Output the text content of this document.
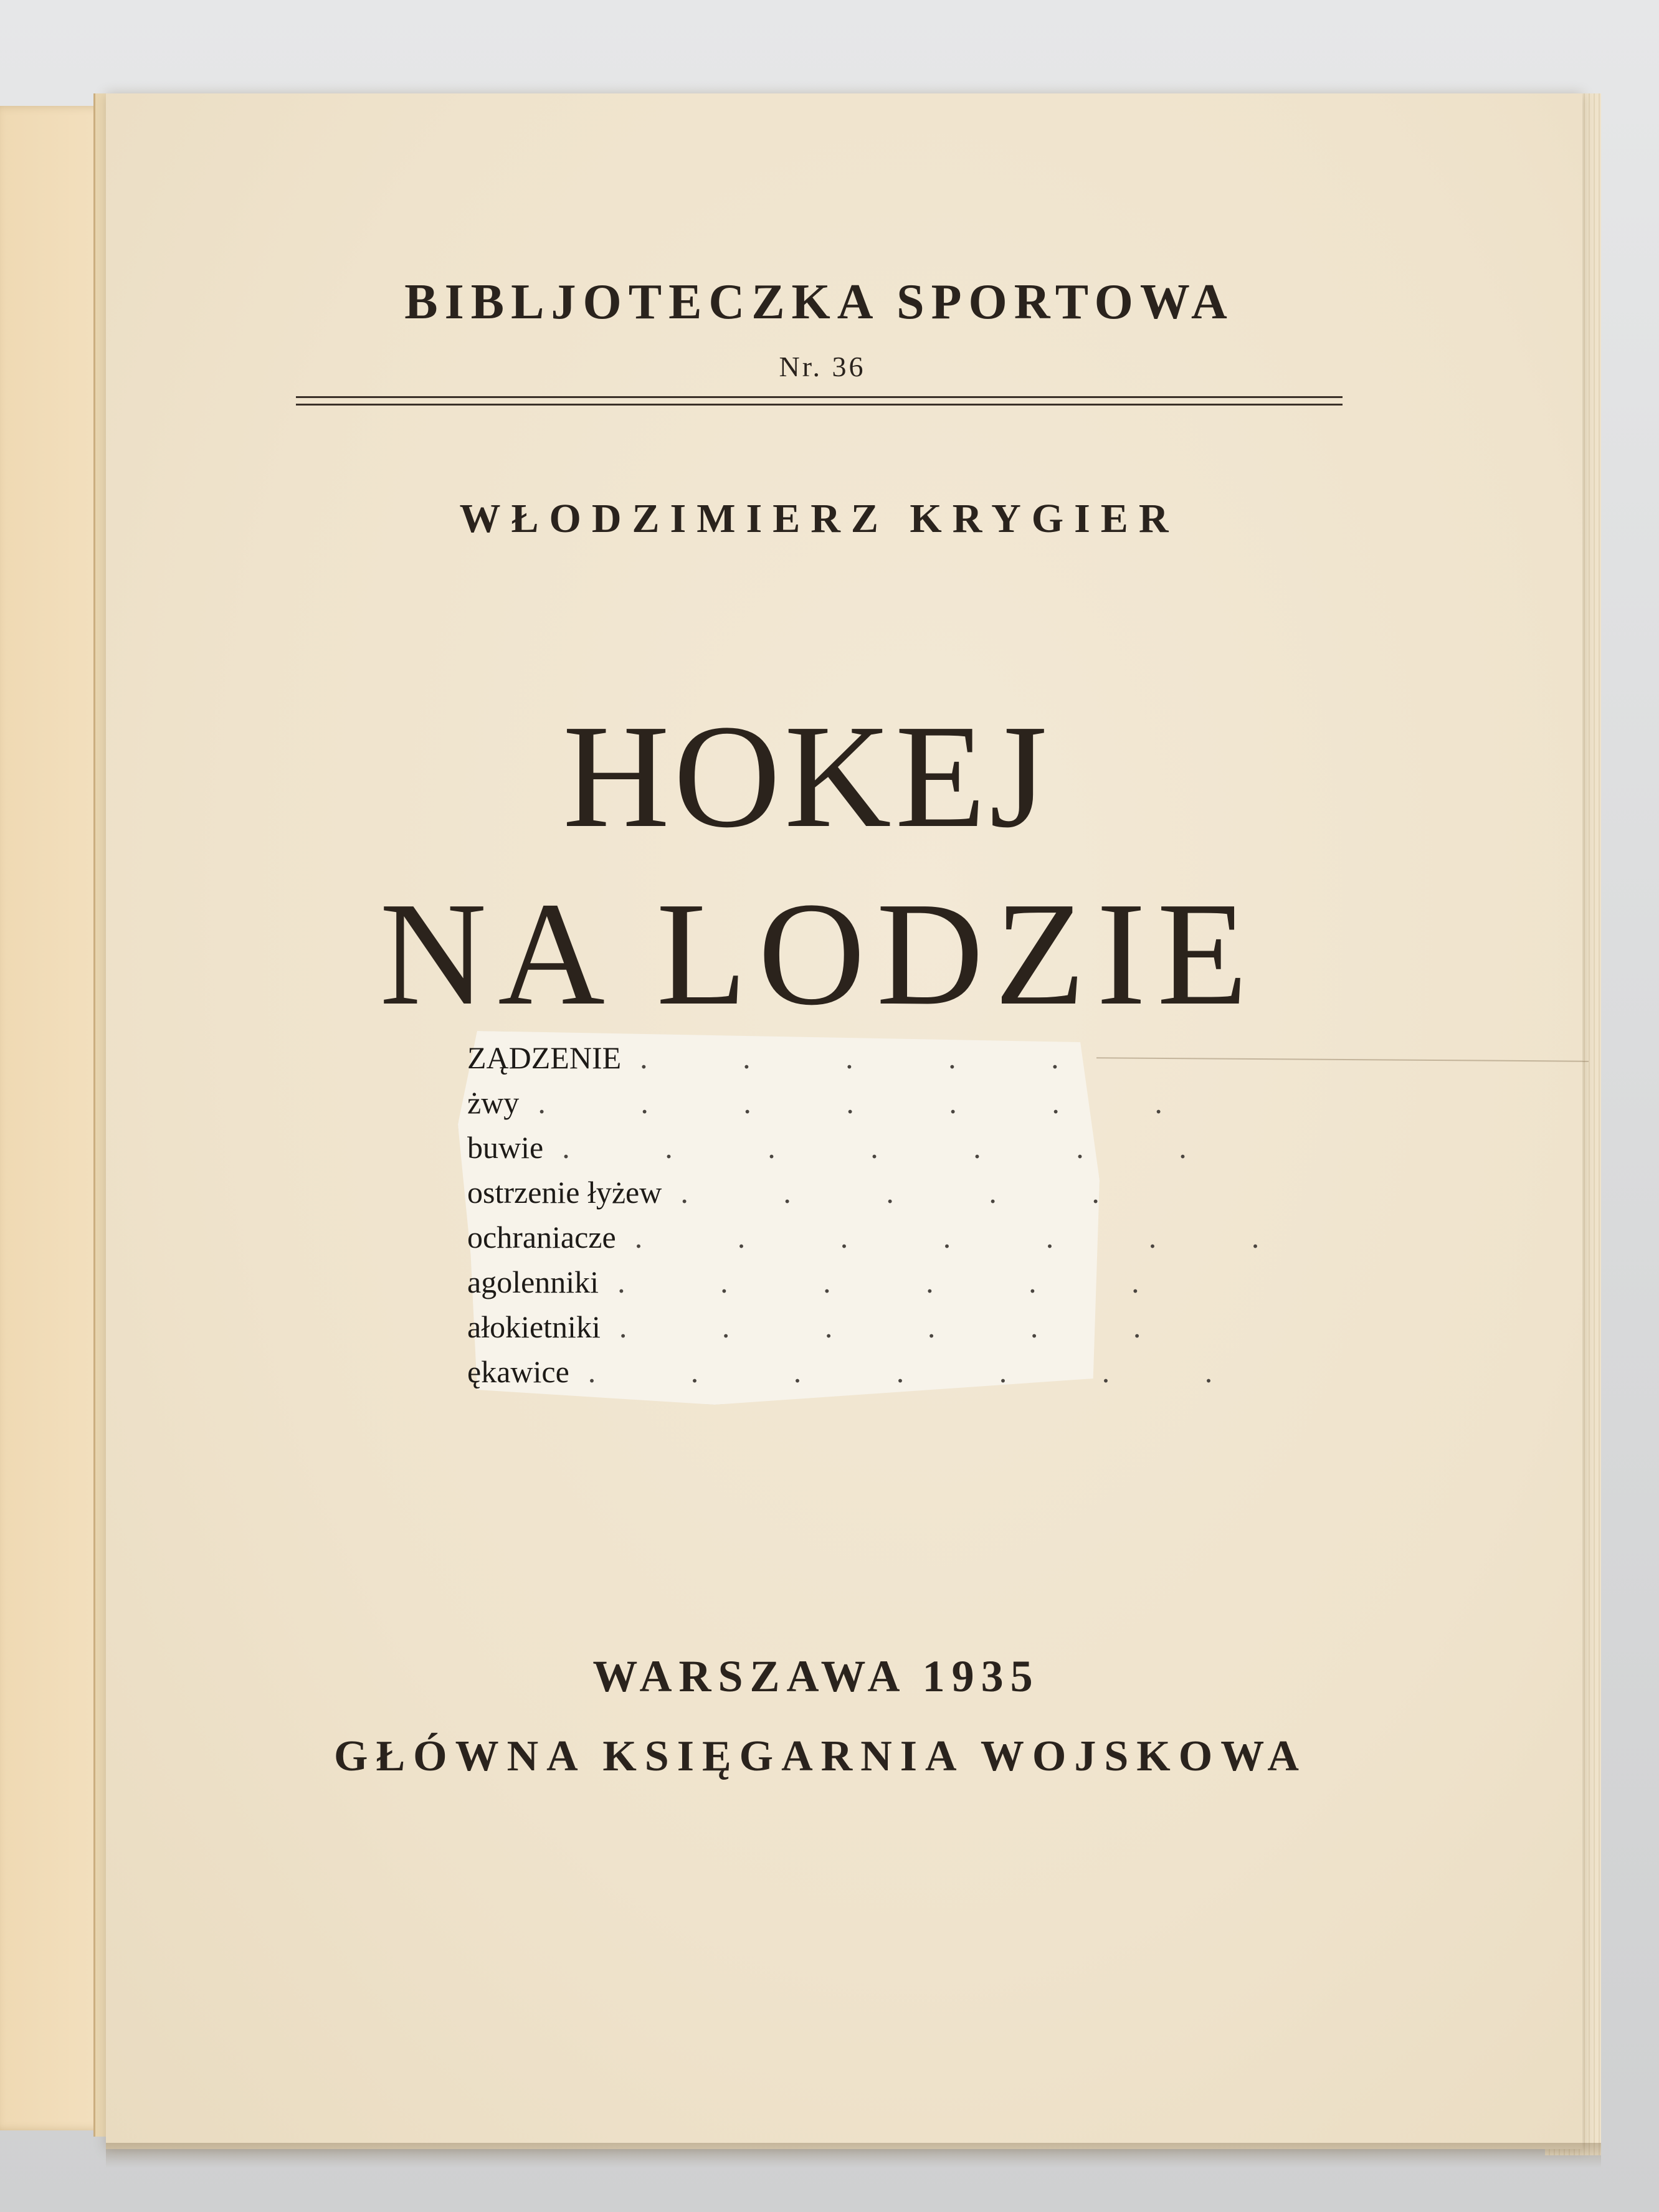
BIBLJOTECZKA SPORTOWA
Nr. 36
WŁODZIMIERZ KRYGIER
HOKEJ
NA LODZIE
ZĄDZENIE . . . . .
żwy . . . . . . .
buwie . . . . . . .
ostrzenie łyżew . . . . .
ochraniacze . . . . . . .
agolenniki . . . . . .
ałokietniki . . . . . .
ękawice . . . . . . .
WARSZAWA 1935
GŁÓWNA KSIĘGARNIA WOJSKOWA
